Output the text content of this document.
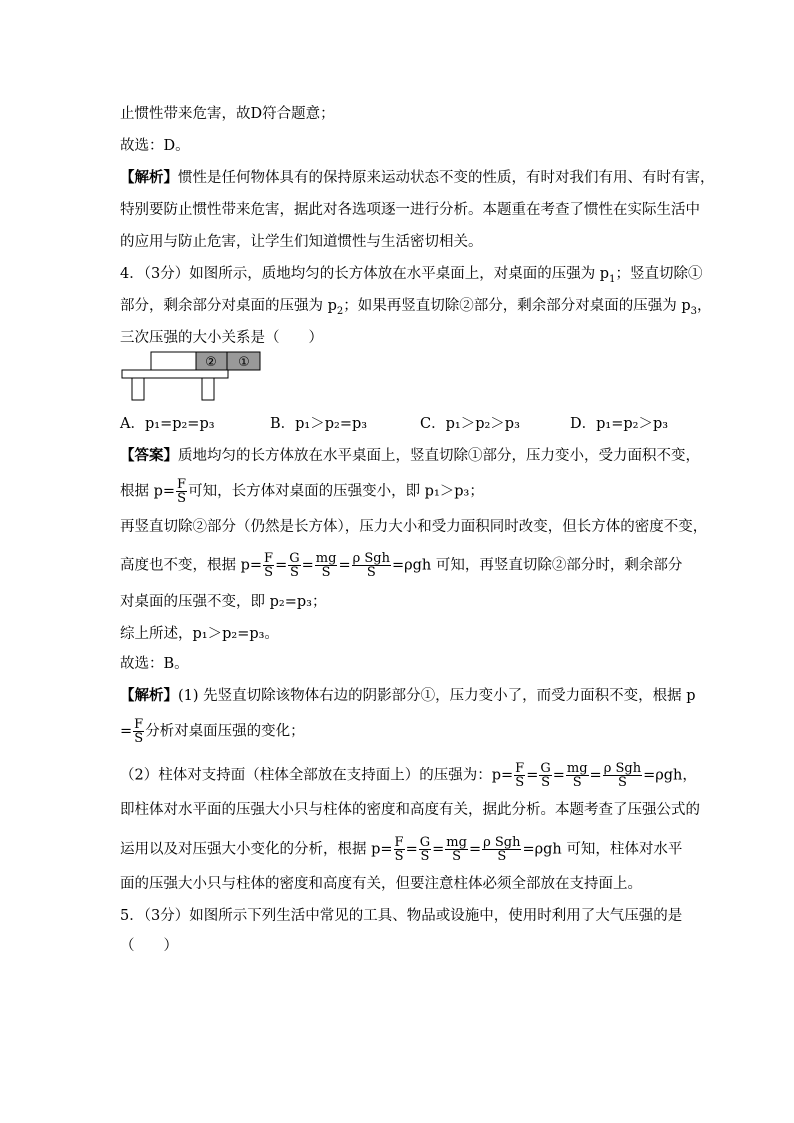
止惯性带来危害，故D符合题意；
故选：D。
【解析】惯性是任何物体具有的保持原来运动状态不变的性质，有时对我们有用、有时有害，
特别要防止惯性带来危害，据此对各选项逐一进行分析。本题重在考查了惯性在实际生活中
的应用与防止危害，让学生们知道惯性与生活密切相关。
4．（3分）如图所示，质地均匀的长方体放在水平桌面上，对桌面的压强为 $p_1$；竖直切除①
部分，剩余部分对桌面的压强为 $p_2$；如果再竖直切除②部分，剩余部分对桌面的压强为 $p_3$，
三次压强的大小关系是（　　）
② ①
A．p₁=p₂=p₃	B．p₁＞p₂=p₃	C．p₁＞p₂＞p₃	D．p₁=p₂＞p₃
【答案】质地均匀的长方体放在水平桌面上，竖直切除①部分，压力变小，受力面积不变，
根据 $p= \frac{F}{S}$ 可知，长方体对桌面的压强变小，即 p₁＞p₃；
再竖直切除②部分（仍然是长方体），压力大小和受力面积同时改变，但长方体的密度不变，
高度也不变，根据 $p= \frac{F}{S} = \frac{G}{S} = \frac{mg}{S} = \frac{\text{ρ Sgh}}{S} =\rho gh$ 可知，再竖直切除②部分时，剩余部分
对桌面的压强不变，即 p₂=p₃；
综上所述，p₁＞p₂=p₃。
故选：B。
【解析】(1) 先竖直切除该物体右边的阴影部分①，压力变小了，而受力面积不变，根据 p
= $\frac{F}{S}$ 分析对桌面压强的变化；
（2）柱体对支持面（柱体全部放在支持面上）的压强为：$p= \frac{F}{S} = \frac{G}{S} = \frac{mg}{S} = \frac{\text{ρ Sgh}}{S} =\rho gh$，
即柱体对水平面的压强大小只与柱体的密度和高度有关，据此分析。本题考查了压强公式的
运用以及对压强大小变化的分析，根据 $p= \frac{F}{S} = \frac{G}{S} = \frac{mg}{S} = \frac{\text{ρ Sgh}}{S} =\rho gh$ 可知，柱体对水平
面的压强大小只与柱体的密度和高度有关，但要注意柱体必须全部放在支持面上。
5．（3分）如图所示下列生活中常见的工具、物品或设施中，使用时利用了大气压强的是
（　　）
